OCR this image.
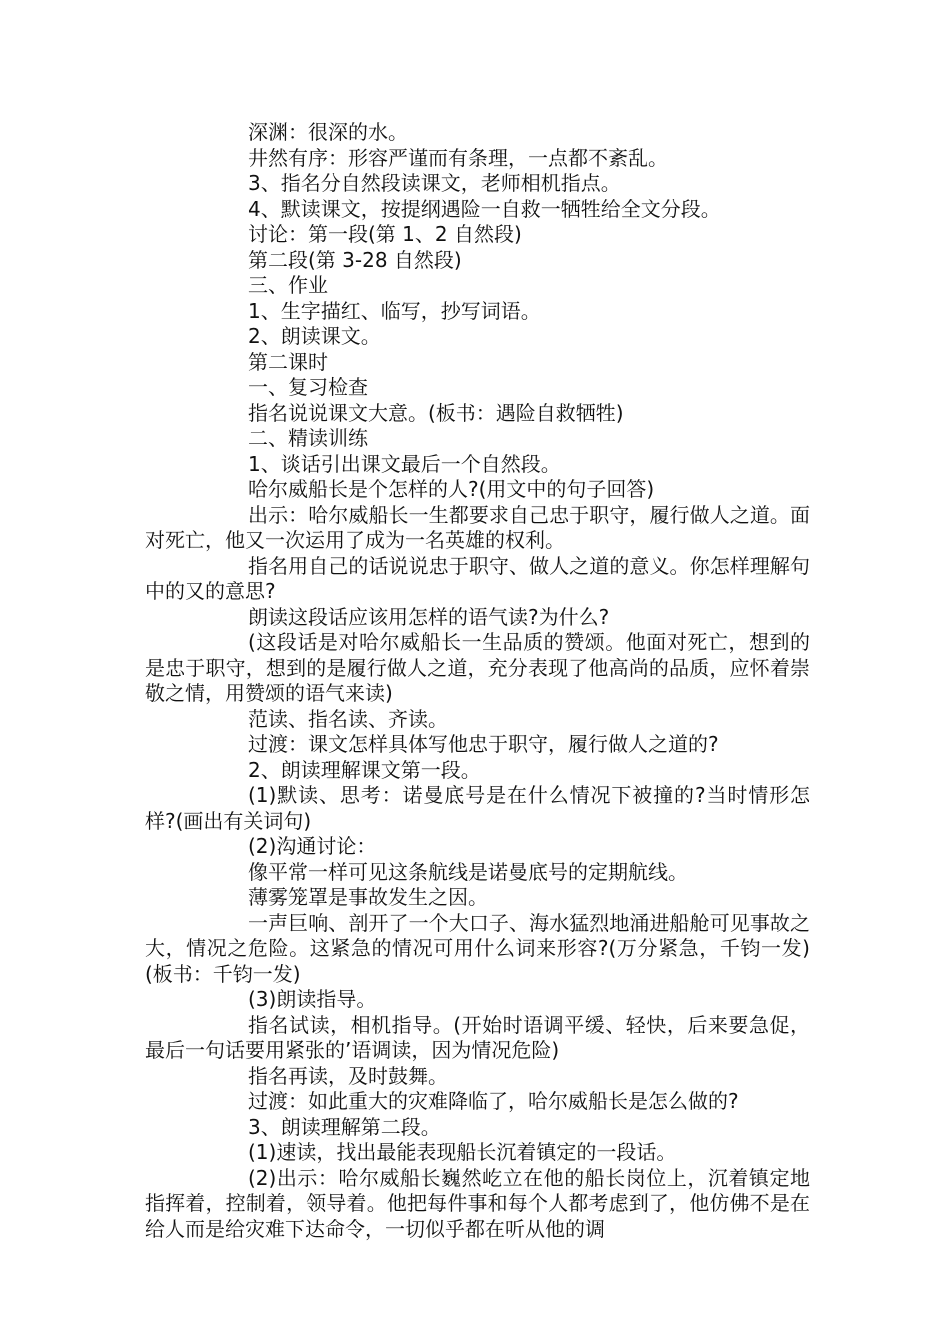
深渊：很深的水。

井然有序：形容严谨而有条理，一点都不紊乱。

3、指名分自然段读课文，老师相机指点。

4、默读课文，按提纲遇险一自救一牺牲给全文分段。

讨论：第一段(第 1、2 自然段)

第二段(第 3-28 自然段)

三、作业

1、生字描红、临写，抄写词语。

2、朗读课文。

第二课时

一、复习检查

指名说说课文大意。(板书：遇险自救牺牲)

二、精读训练

1、谈话引出课文最后一个自然段。

哈尔威船长是个怎样的人?(用文中的句子回答)

出示：哈尔威船长一生都要求自己忠于职守，履行做人之道。面对死亡，他又一次运用了成为一名英雄的权利。

指名用自己的话说说忠于职守、做人之道的意义。你怎样理解句中的又的意思?

朗读这段话应该用怎样的语气读?为什么?

(这段话是对哈尔威船长一生品质的赞颂。他面对死亡，想到的是忠于职守，想到的是履行做人之道，充分表现了他高尚的品质，应怀着崇敬之情，用赞颂的语气来读)

范读、指名读、齐读。

过渡：课文怎样具体写他忠于职守，履行做人之道的?

2、朗读理解课文第一段。

(1)默读、思考：诺曼底号是在什么情况下被撞的?当时情形怎样?(画出有关词句)

(2)沟通讨论：

像平常一样可见这条航线是诺曼底号的定期航线。

薄雾笼罩是事故发生之因。

一声巨响、剖开了一个大口子、海水猛烈地涌进船舱可见事故之大，情况之危险。这紧急的情况可用什么词来形容?(万分紧急，千钧一发)(板书：千钧一发)

(3)朗读指导。

指名试读，相机指导。(开始时语调平缓、轻快，后来要急促，最后一句话要用紧张的’语调读，因为情况危险)

指名再读，及时鼓舞。

过渡：如此重大的灾难降临了，哈尔威船长是怎么做的?

3、朗读理解第二段。

(1)速读，找出最能表现船长沉着镇定的一段话。

(2)出示：哈尔威船长巍然屹立在他的船长岗位上，沉着镇定地指挥着，控制着，领导着。他把每件事和每个人都考虑到了，他仿佛不是在给人而是给灾难下达命令，一切似乎都在听从他的调
